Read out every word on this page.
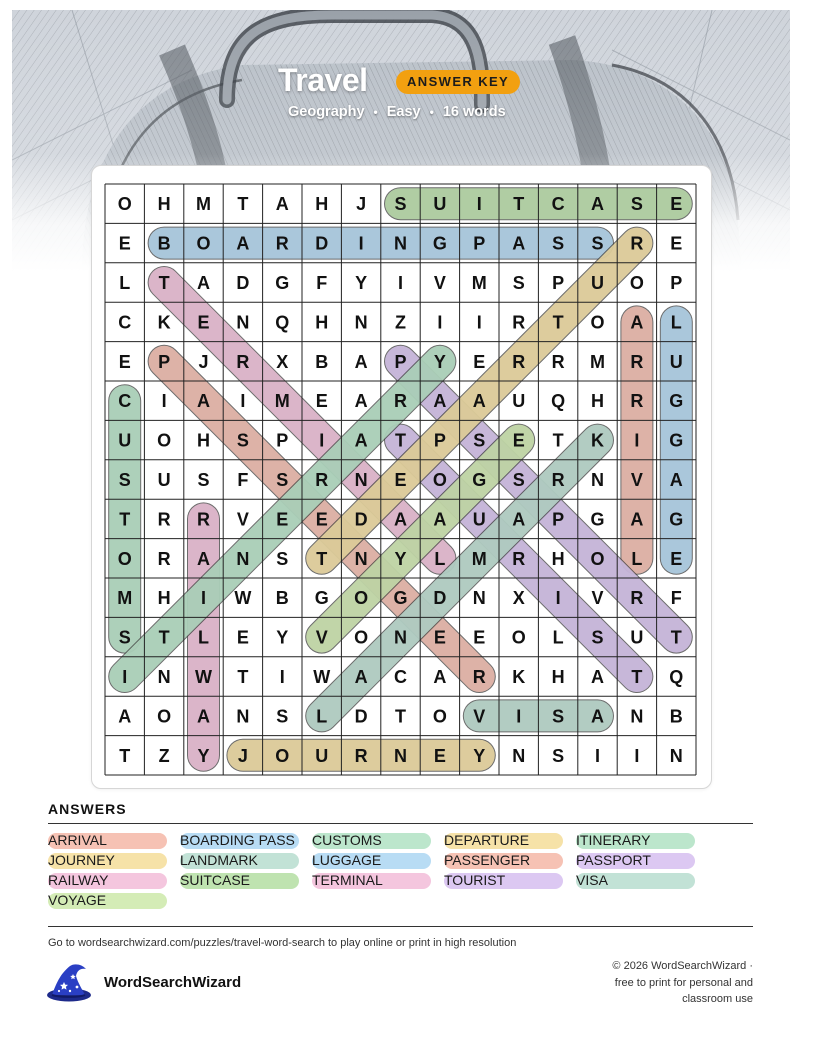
Travel	ANSWER KEY
Geography • Easy • 16 words
O H M T A H J S U I T C A S E
E B O A R D I N G P A S S R E
L T A D G F Y I V M S P U O P
C K E N Q H N Z I I R T O A L
E P J R X B A P Y E R R M R U
C I A I M E A R A A U Q H R G
U O H S P I A T P S E T K I G
S U S F S R N E O G S R N V A
T R R V E E D A A U A P G A G
O R A N S T N Y L M R H O L E
M H I W B G O G D N X I V R F
S T L E Y V O N E E O L S U T
I N W T I W A C A R K H A T Q
A O A N S L D T O V I S A N B
T Z Y J O U R N E Y N S I I N
ANSWERS
ARRIVAL
JOURNEY
RAILWAY
VOYAGE
BOARDING PASS
LANDMARK
SUITCASE
CUSTOMS
LUGGAGE
TERMINAL
DEPARTURE
PASSENGER
TOURIST
ITINERARY
PASSPORT
VISA
Go to wordsearchwizard.com/puzzles/travel-word-search to play online or print in high resolution
WordSearchWizard
© 2026 WordSearchWizard ·
free to print for personal and
classroom use
